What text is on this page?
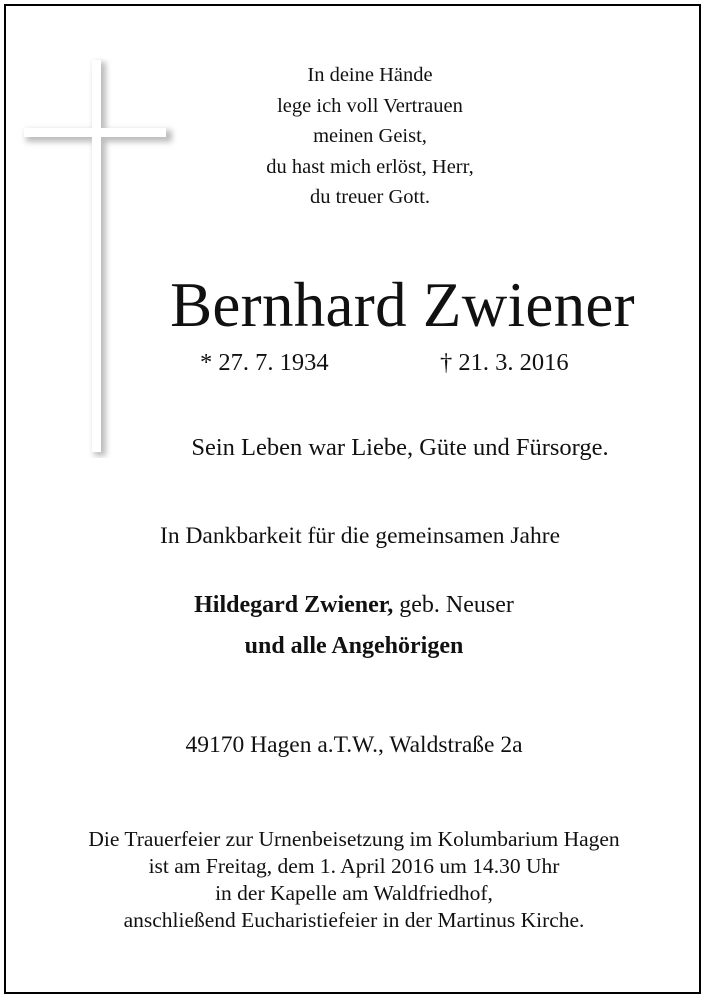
In deine Hände
lege ich voll Vertrauen
meinen Geist,
du hast mich erlöst, Herr,
du treuer Gott.
Bernhard Zwiener
* 27. 7. 1934	† 21. 3. 2016
Sein Leben war Liebe, Güte und Fürsorge.
In Dankbarkeit für die gemeinsamen Jahre
Hildegard Zwiener, geb. Neuser
und alle Angehörigen
49170 Hagen a.T.W., Waldstraße 2a
Die Trauerfeier zur Urnenbeisetzung im Kolumbarium Hagen
ist am Freitag, dem 1. April 2016 um 14.30 Uhr
in der Kapelle am Waldfriedhof,
anschließend Eucharistiefeier in der Martinus Kirche.
